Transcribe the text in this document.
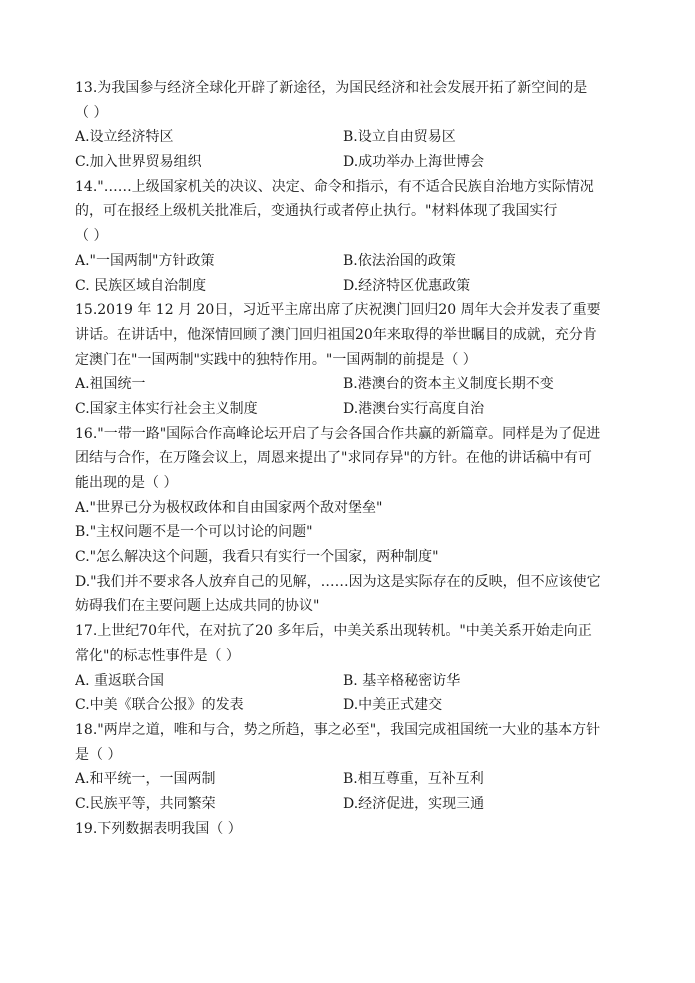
13.为我国参与经济全球化开辟了新途径，为国民经济和社会发展开拓了新空间的是
（ ）
A.设立经济特区	B.设立自由贸易区
C.加入世界贸易组织	D.成功举办上海世博会
14."……上级国家机关的决议、决定、命令和指示，有不适合民族自治地方实际情况
的，可在报经上级机关批准后，变通执行或者停止执行。"材料体现了我国实行
（ ）
A."一国两制"方针政策	B.依法治国的政策
C. 民族区域自治制度	D.经济特区优惠政策
15.2019 年 12 月 20日，习近平主席出席了庆祝澳门回归20 周年大会并发表了重要
讲话。在讲话中，他深情回顾了澳门回归祖国20年来取得的举世瞩目的成就，充分肯
定澳门在"一国两制"实践中的独特作用。"一国两制的前提是（ ）
A.祖国统一	B.港澳台的资本主义制度长期不变
C.国家主体实行社会主义制度	D.港澳台实行高度自治
16."一带一路"国际合作高峰论坛开启了与会各国合作共赢的新篇章。同样是为了促进
团结与合作，在万隆会议上，周恩来提出了"求同存异"的方针。在他的讲话稿中有可
能出现的是（ ）
A."世界已分为极权政体和自由国家两个敌对堡垒"
B."主权问题不是一个可以讨论的问题"
C."怎么解决这个问题，我看只有实行一个国家，两种制度"
D."我们并不要求各人放弃自己的见解，……因为这是实际存在的反映，但不应该使它
妨碍我们在主要问题上达成共同的协议"
17.上世纪70年代，在对抗了20 多年后，中美关系出现转机。"中美关系开始走向正
常化"的标志性事件是（ ）
A. 重返联合国	B. 基辛格秘密访华
C.中美《联合公报》的发表	D.中美正式建交
18."两岸之道，唯和与合，势之所趋，事之必至"，我国完成祖国统一大业的基本方针
是（ ）
A.和平统一，一国两制	B.相互尊重，互补互利
C.民族平等，共同繁荣	D.经济促进，实现三通
19.下列数据表明我国（ ）
